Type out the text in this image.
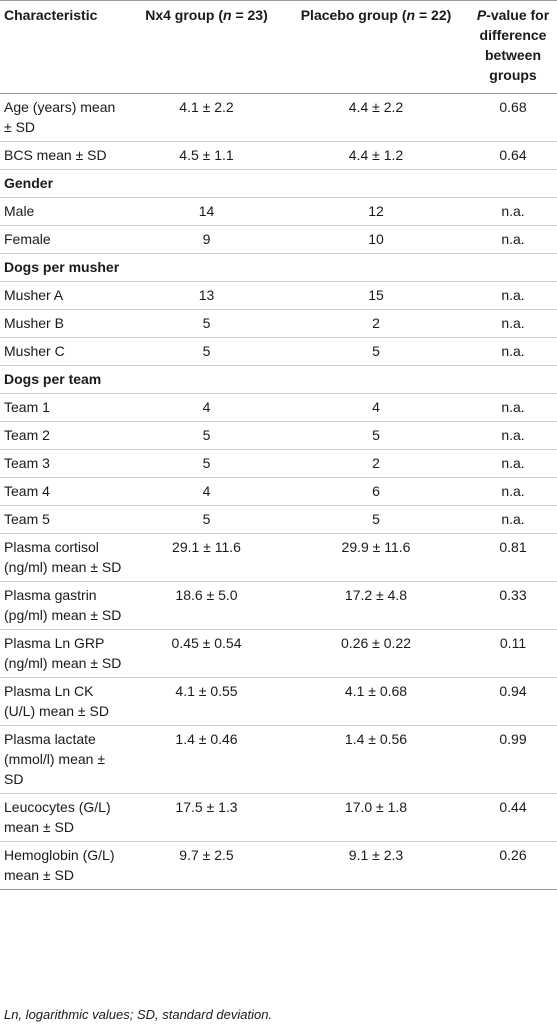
Characteristic	Nx4 group (n = 23)	Placebo group (n = 22)	P-value for difference between groups
Age (years) mean ± SD	4.1 ± 2.2	4.4 ± 2.2	0.68
BCS mean ± SD	4.5 ± 1.1	4.4 ± 1.2	0.64
Gender			
Male	14	12	n.a.
Female	9	10	n.a.
Dogs per musher			
Musher A	13	15	n.a.
Musher B	5	2	n.a.
Musher C	5	5	n.a.
Dogs per team			
Team 1	4	4	n.a.
Team 2	5	5	n.a.
Team 3	5	2	n.a.
Team 4	4	6	n.a.
Team 5	5	5	n.a.
Plasma cortisol (ng/ml) mean ± SD	29.1 ± 11.6	29.9 ± 11.6	0.81
Plasma gastrin (pg/ml) mean ± SD	18.6 ± 5.0	17.2 ± 4.8	0.33
Plasma Ln GRP (ng/ml) mean ± SD	0.45 ± 0.54	0.26 ± 0.22	0.11
Plasma Ln CK (U/L) mean ± SD	4.1 ± 0.55	4.1 ± 0.68	0.94
Plasma lactate (mmol/l) mean ± SD	1.4 ± 0.46	1.4 ± 0.56	0.99
Leucocytes (G/L) mean ± SD	17.5 ± 1.3	17.0 ± 1.8	0.44
Hemoglobin (G/L) mean ± SD	9.7 ± 2.5	9.1 ± 2.3	0.26
Ln, logarithmic values; SD, standard deviation.
